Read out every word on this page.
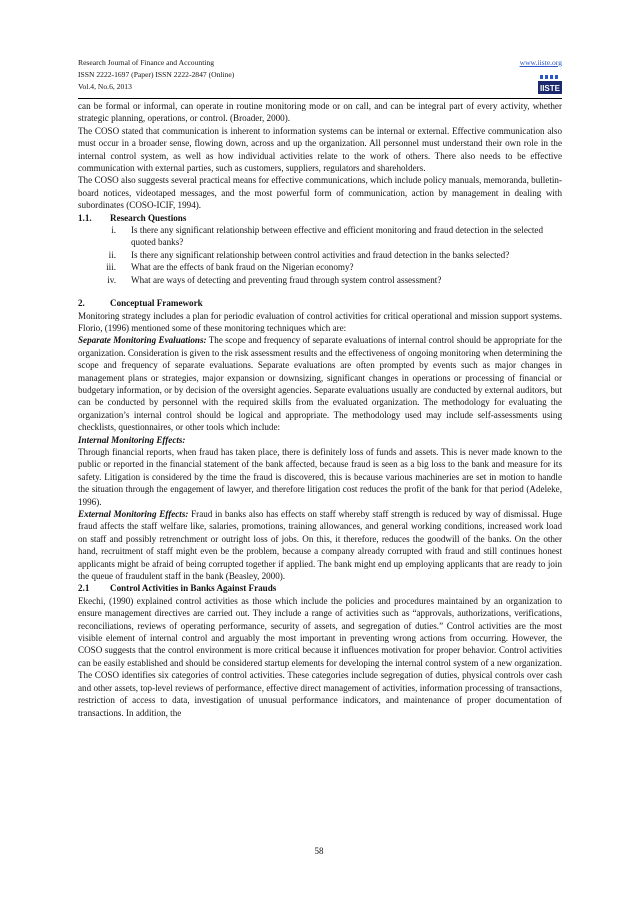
Research Journal of Finance and Accounting
ISSN 2222-1697 (Paper) ISSN 2222-2847 (Online)
Vol.4, No.6, 2013
www.iiste.org
IISTE

can be formal or informal, can operate in routine monitoring mode or on call, and can be integral part of every activity, whether strategic planning, operations, or control. (Broader, 2000).

The COSO stated that communication is inherent to information systems can be internal or external. Effective communication also must occur in a broader sense, flowing down, across and up the organization. All personnel must understand their own role in the internal control system, as well as how individual activities relate to the work of others. There also needs to be effective communication with external parties, such as customers, suppliers, regulators and shareholders.

The COSO also suggests several practical means for effective communications, which include policy manuals, memoranda, bulletin-board notices, videotaped messages, and the most powerful form of communication, action by management in dealing with subordinates (COSO-ICIF, 1994).

1.1. Research Questions

i.	Is there any significant relationship between effective and efficient monitoring and fraud detection in the selected quoted banks?
ii.	Is there any significant relationship between control activities and fraud detection in the banks selected?
iii.	What are the effects of bank fraud on the Nigerian economy?
iv.	What are ways of detecting and preventing fraud through system control assessment?

2.	Conceptual Framework

Monitoring strategy includes a plan for periodic evaluation of control activities for critical operational and mission support systems. Florio, (1996) mentioned some of these monitoring techniques which are:

Separate Monitoring Evaluations: The scope and frequency of separate evaluations of internal control should be appropriate for the organization. Consideration is given to the risk assessment results and the effectiveness of ongoing monitoring when determining the scope and frequency of separate evaluations. Separate evaluations are often prompted by events such as major changes in management plans or strategies, major expansion or downsizing, significant changes in operations or processing of financial or budgetary information, or by decision of the oversight agencies. Separate evaluations usually are conducted by external auditors, but can be conducted by personnel with the required skills from the evaluated organization. The methodology for evaluating the organization’s internal control should be logical and appropriate. The methodology used may include self-assessments using checklists, questionnaires, or other tools which include:

Internal Monitoring Effects:

Through financial reports, when fraud has taken place, there is definitely loss of funds and assets. This is never made known to the public or reported in the financial statement of the bank affected, because fraud is seen as a big loss to the bank and measure for its safety. Litigation is considered by the time the fraud is discovered, this is because various machineries are set in motion to handle the situation through the engagement of lawyer, and therefore litigation cost reduces the profit of the bank for that period (Adeleke, 1996).

External Monitoring Effects: Fraud in banks also has effects on staff whereby staff strength is reduced by way of dismissal. Huge fraud affects the staff welfare like, salaries, promotions, training allowances, and general working conditions, increased work load on staff and possibly retrenchment or outright loss of jobs. On this, it therefore, reduces the goodwill of the banks. On the other hand, recruitment of staff might even be the problem, because a company already corrupted with fraud and still continues honest applicants might be afraid of being corrupted together if applied. The bank might end up employing applicants that are ready to join the queue of fraudulent staff in the bank (Beasley, 2000).

2.1 Control Activities in Banks Against Frauds

Ekechi, (1990) explained control activities as those which include the policies and procedures maintained by an organization to ensure management directives are carried out. They include a range of activities such as “approvals, authorizations, verifications, reconciliations, reviews of operating performance, security of assets, and segregation of duties.” Control activities are the most visible element of internal control and arguably the most important in preventing wrong actions from occurring. However, the COSO suggests that the control environment is more critical because it influences motivation for proper behavior. Control activities can be easily established and should be considered startup elements for developing the internal control system of a new organization. The COSO identifies six categories of control activities. These categories include segregation of duties, physical controls over cash and other assets, top-level reviews of performance, effective direct management of activities, information processing of transactions, restriction of access to data, investigation of unusual performance indicators, and maintenance of proper documentation of transactions. In addition, the

58
